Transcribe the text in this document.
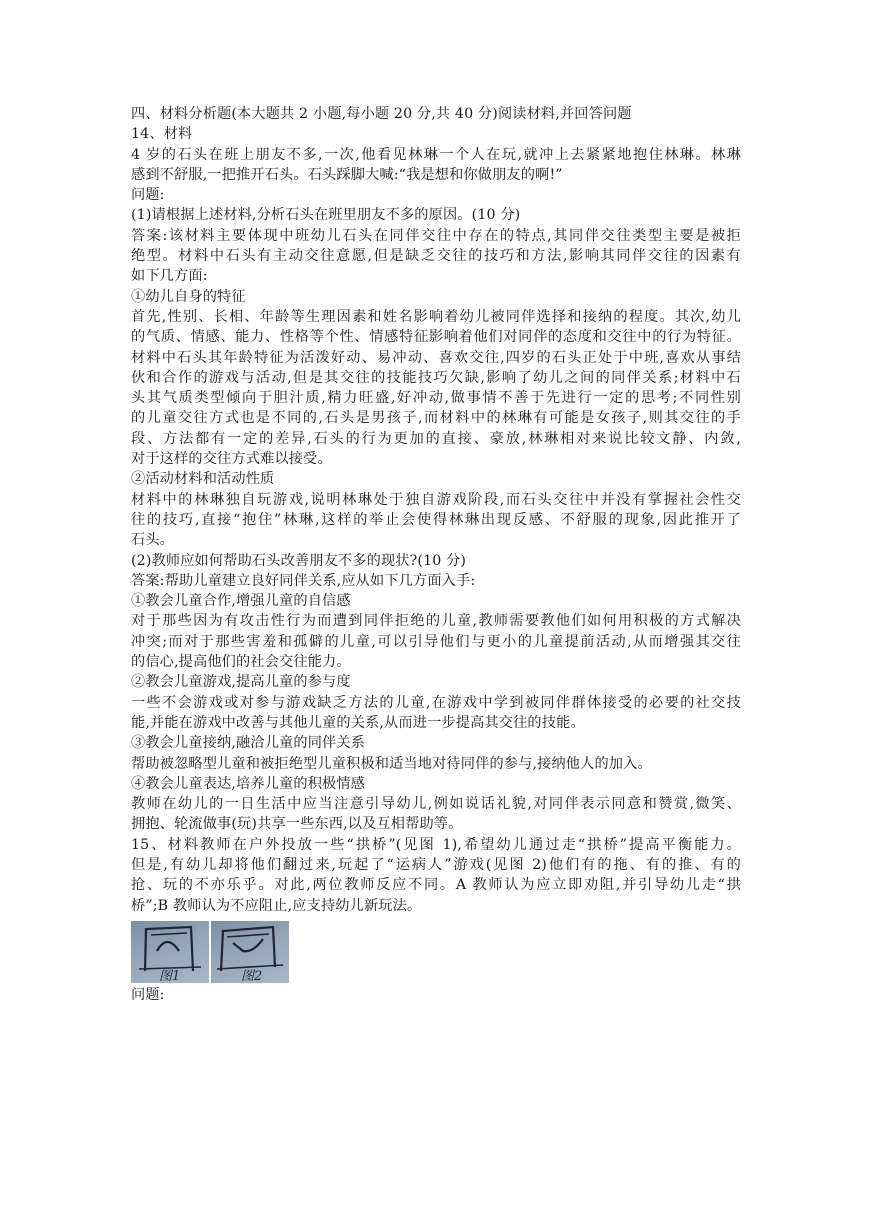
四、材料分析题(本大题共 2 小题,每小题 20 分,共 40 分)阅读材料,并回答问题
14、材料
4 岁的石头在班上朋友不多,一次,他看见林琳一个人在玩,就冲上去紧紧地抱住林琳。林琳
感到不舒服,一把推开石头。石头踩脚大喊:“我是想和你做朋友的啊!”
问题:
(1)请根据上述材料,分析石头在班里朋友不多的原因。(10 分)
答案:该材料主要体现中班幼儿石头在同伴交往中存在的特点,其同伴交往类型主要是被拒
绝型。材料中石头有主动交往意愿,但是缺乏交往的技巧和方法,影响其同伴交往的因素有
如下几方面:
①幼儿自身的特征
首先,性别、长相、年龄等生理因素和姓名影响着幼儿被同伴选择和接纳的程度。其次,幼儿
的气质、情感、能力、性格等个性、情感特征影响着他们对同伴的态度和交往中的行为特征。
材料中石头其年龄特征为活泼好动、易冲动、喜欢交往,四岁的石头正处于中班,喜欢从事结
伙和合作的游戏与活动,但是其交往的技能技巧欠缺,影响了幼儿之间的同伴关系;材料中石
头其气质类型倾向于胆汁质,精力旺盛,好冲动,做事情不善于先进行一定的思考;不同性别
的儿童交往方式也是不同的,石头是男孩子,而材料中的林琳有可能是女孩子,则其交往的手
段、方法都有一定的差异,石头的行为更加的直接、豪放,林琳相对来说比较文静、内敛,
对于这样的交往方式难以接受。
②活动材料和活动性质
材料中的林琳独自玩游戏,说明林琳处于独自游戏阶段,而石头交往中并没有掌握社会性交
往的技巧,直接“抱住”林琳,这样的举止会使得林琳出现反感、不舒服的现象,因此推开了
石头。
(2)教师应如何帮助石头改善朋友不多的现状?(10 分)
答案:帮助儿童建立良好同伴关系,应从如下几方面入手:
①教会儿童合作,增强儿童的自信感
对于那些因为有攻击性行为而遭到同伴拒绝的儿童,教师需要教他们如何用积极的方式解决
冲突;而对于那些害羞和孤僻的儿童,可以引导他们与更小的儿童提前活动,从而增强其交往
的信心,提高他们的社会交往能力。
②教会儿童游戏,提高儿童的参与度
一些不会游戏或对参与游戏缺乏方法的儿童,在游戏中学到被同伴群体接受的必要的社交技
能,并能在游戏中改善与其他儿童的关系,从而进一步提高其交往的技能。
③教会儿童接纳,融洽儿童的同伴关系
帮助被忽略型儿童和被拒绝型儿童积极和适当地对待同伴的参与,接纳他人的加入。
④教会儿童表达,培养儿童的积极情感
教师在幼儿的一日生活中应当注意引导幼儿,例如说话礼貌,对同伴表示同意和赞赏,微笑、
拥抱、轮流做事(玩)共享一些东西,以及互相帮助等。
15、材料教师在户外投放一些“拱桥”(见图 1),希望幼儿通过走“拱桥”提高平衡能力。
但是,有幼儿却将他们翻过来,玩起了“运病人”游戏(见图 2)他们有的拖、有的推、有的
抢、玩的不亦乐乎。对此,两位教师反应不同。A 教师认为应立即劝阻,并引导幼儿走“拱
桥”;B 教师认为不应阻止,应支持幼儿新玩法。
图1	图2
问题:
